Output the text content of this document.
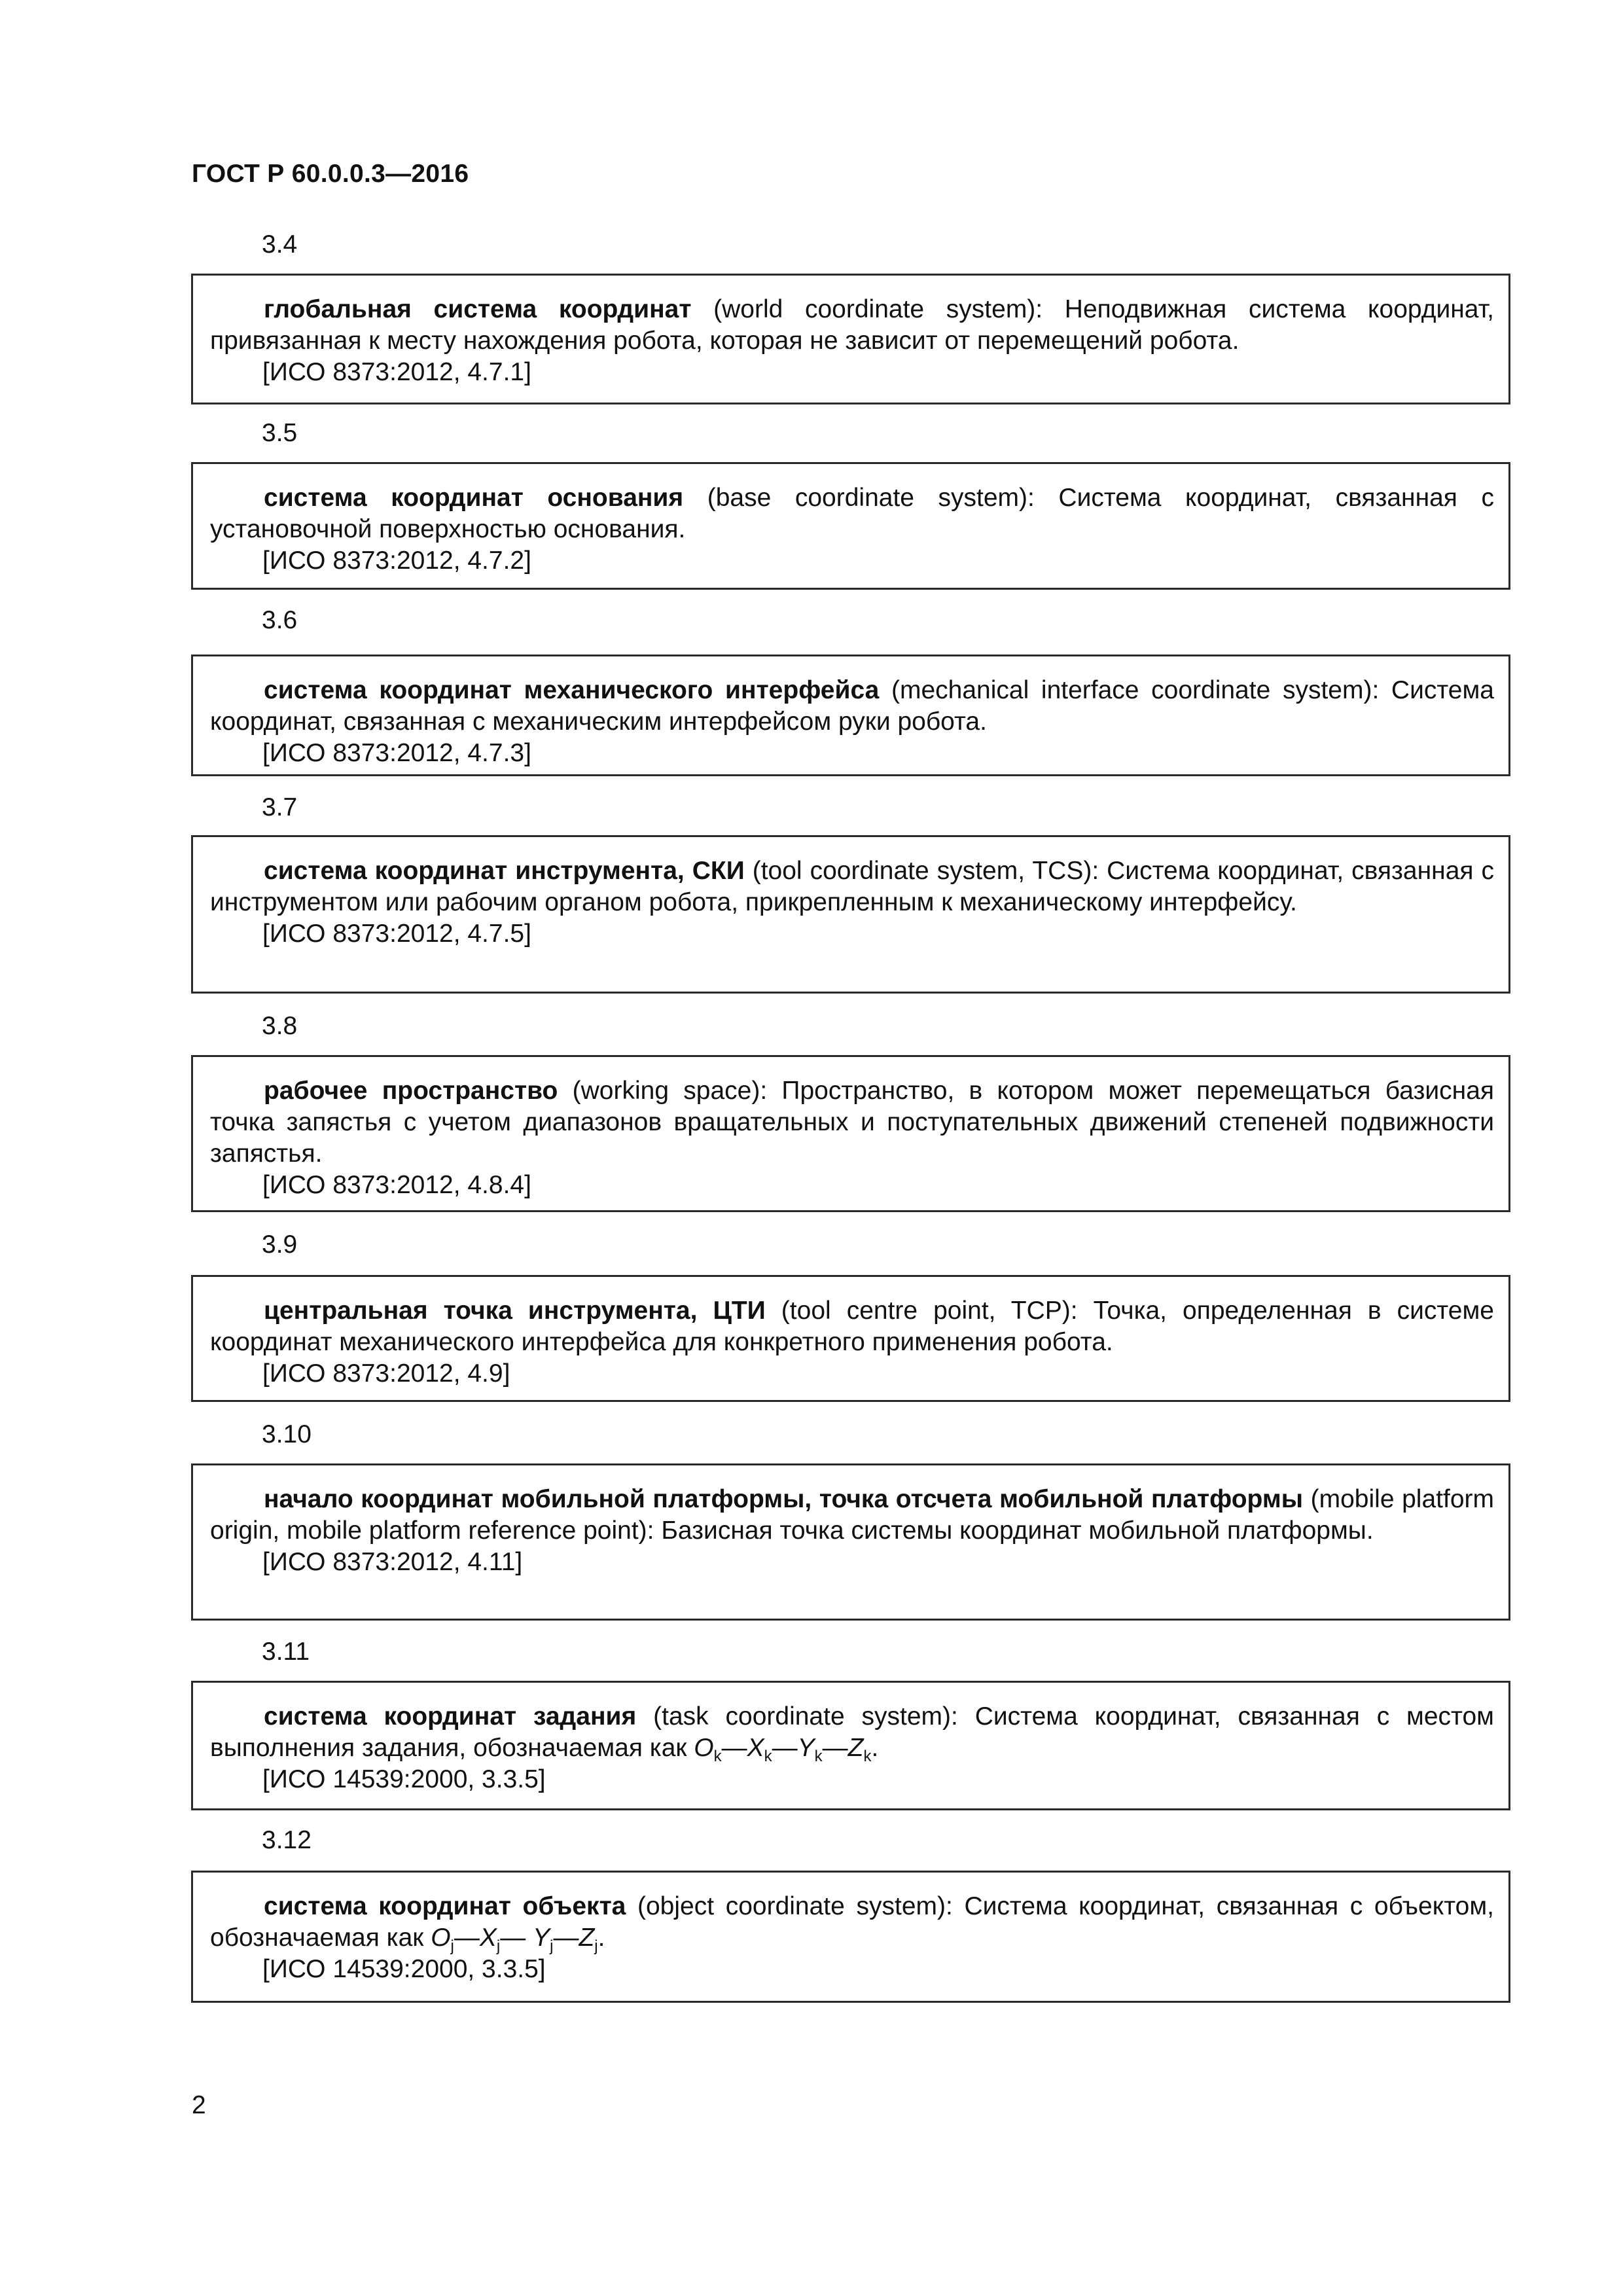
ГОСТ Р 60.0.0.3—2016
3.4

глобальная система координат (world coordinate system): Неподвижная система координат, привязанная к месту нахождения робота, которая не зависит от перемещений робота.

[ИСО 8373:2012, 4.7.1]

3.5

система координат основания (base coordinate system): Система координат, связанная с установочной поверхностью основания.

[ИСО 8373:2012, 4.7.2]

3.6

система координат механического интерфейса (mechanical interface coordinate system): Система координат, связанная с механическим интерфейсом руки робота.

[ИСО 8373:2012, 4.7.3]

3.7

система координат инструмента, СКИ (tool coordinate system, TCS): Система координат, связанная с инструментом или рабочим органом робота, прикрепленным к механическому интерфейсу.

[ИСО 8373:2012, 4.7.5]

3.8

рабочее пространство (working space): Пространство, в котором может перемещаться базисная точка запястья с учетом диапазонов вращательных и поступательных движений степеней подвижности запястья.

[ИСО 8373:2012, 4.8.4]

3.9

центральная точка инструмента, ЦТИ (tool centre point, TCP): Точка, определенная в системе координат механического интерфейса для конкретного применения робота.

[ИСО 8373:2012, 4.9]

3.10

начало координат мобильной платформы, точка отсчета мобильной платформы (mobile platform origin, mobile platform reference point): Базисная точка системы координат мобильной платформы.

[ИСО 8373:2012, 4.11]

3.11

система координат задания (task coordinate system): Система координат, связанная с местом выполнения задания, обозначаемая как $O_k—X_k—Y_k—Z_k$.

[ИСО 14539:2000, 3.3.5]

3.12

система координат объекта (object coordinate system): Система координат, связанная с объектом, обозначаемая как $O_j—X_j—$ $Y_j—Z_j$.

[ИСО 14539:2000, 3.3.5]

2
